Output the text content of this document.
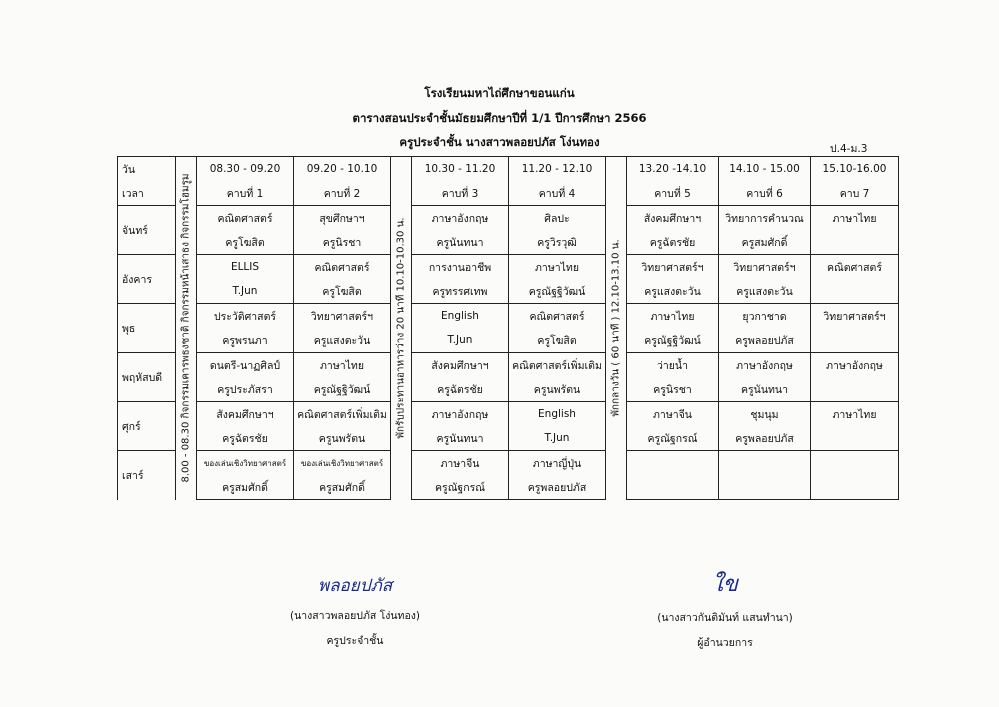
โรงเรียนมหาไถ่ศึกษาขอนแก่น
ตารางสอนประจำชั้นมัธยมศึกษาปีที่ 1/1 ปีการศึกษา 2566
ครูประจำชั้น นางสาวพลอยปภัส โง่นทอง	ป.4-ม.3
วัน	8.00 - 08.30 กิจกรรมเคารพธงชาติ กิจกรรมหน้าเสาธง กิจกรรมโฮมรูม	08.30 - 09.20	09.20 - 10.10	พักรับประทานอาหารว่าง 20 นาที 10.10-10.30 น.	10.30 - 11.20	11.20 - 12.10	พักกลางวัน ( 60 นาที ) 12.10-13.10 น.	13.20 -14.10	14.10 - 15.00	15.10-16.00
เวลา		คาบที่ 1	คาบที่ 2		คาบที่ 3	คาบที่ 4		คาบที่ 5	คาบที่ 6	คาบ 7
จันทร์		คณิตศาสตร์	สุขศึกษาฯ		ภาษาอังกฤษ	ศิลปะ		สังคมศึกษาฯ	วิทยาการคำนวณ	ภาษาไทย
		ครูโฆสิต	ครูนิรชา		ครูนันทนา	ครูวิรวุฒิ		ครูฉัตรชัย	ครูสมศักดิ์	
อังคาร		ELLIS	คณิตศาสตร์		การงานอาชีพ	ภาษาไทย		วิทยาศาสตร์ฯ	วิทยาศาสตร์ฯ	คณิตศาสตร์
		T.Jun	ครูโฆสิต		ครูทรรศเทพ	ครูณัฐฐิวัฒน์		ครูแสงตะวัน	ครูแสงตะวัน	
พุธ		ประวัติศาสตร์	วิทยาศาสตร์ฯ		English	คณิตศาสตร์		ภาษาไทย	ยุวกาชาด	วิทยาศาสตร์ฯ
		ครูพรนภา	ครูแสงตะวัน		T.Jun	ครูโฆสิต		ครูณัฐฐิวัฒน์	ครูพลอยปภัส	
พฤหัสบดี		ดนตรี-นาฏศิลป์	ภาษาไทย		สังคมศึกษาฯ	คณิตศาสตร์เพิ่มเติม		ว่ายน้ำ	ภาษาอังกฤษ	ภาษาอังกฤษ
		ครูประภัสรา	ครูณัฐฐิวัฒน์		ครูฉัตรชัย	ครูนพรัตน		ครูนิรชา	ครูนันทนา	
ศุกร์		สังคมศึกษาฯ	คณิตศาสตร์เพิ่มเติม		ภาษาอังกฤษ	English		ภาษาจีน	ชุมนุม	ภาษาไทย
		ครูฉัตรชัย	ครูนพรัตน		ครูนันทนา	T.Jun		ครูณัฐกรณ์	ครูพลอยปภัส	
เสาร์		ของเล่นเชิงวิทยาศาสตร์	ของเล่นเชิงวิทยาศาสตร์		ภาษาจีน	ภาษาญี่ปุ่น				
		ครูสมศักดิ์	ครูสมศักดิ์		ครูณัฐกรณ์	ครูพลอยปภัส				
พลอยปภัส
(นางสาวพลอยปภัส โง่นทอง)
ครูประจำชั้น
ใข
(นางสาวกันติมันท์ แสนทำนา)
ผู้อำนวยการ
